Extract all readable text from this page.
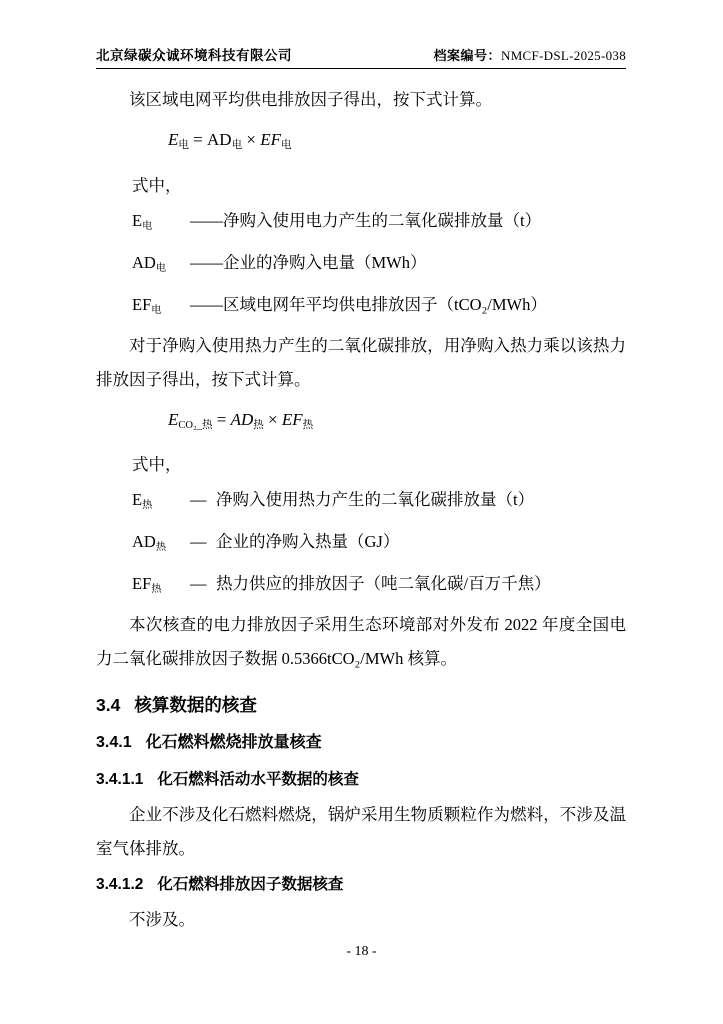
北京绿碳众诚环境科技有限公司	档案编号：NMCF-DSL-2025-038

该区域电网平均供电排放因子得出，按下式计算。

$E_电 = AD_电 \times EF_电$
式中，
E电 ——净购入使用电力产生的二氧化碳排放量（t）
AD电 ——企业的净购入电量（MWh）
EF电 ——区域电网年平均供电排放因子（tCO₂/MWh）

对于净购入使用热力产生的二氧化碳排放，用净购入热力乘以该热力排放因子得出，按下式计算。

$E_{CO_2\_热} = AD_热 \times EF_热$
式中，
E热 — 净购入使用热力产生的二氧化碳排放量（t）
AD热 — 企业的净购入热量（GJ）
EF热 — 热力供应的排放因子（吨二氧化碳/百万千焦）

本次核查的电力排放因子采用生态环境部对外发布 2022 年度全国电力二氧化碳排放因子数据 0.5366tCO₂/MWh 核算。

3.4 核算数据的核查
3.4.1 化石燃料燃烧排放量核查
3.4.1.1 化石燃料活动水平数据的核查

企业不涉及化石燃料燃烧，锅炉采用生物质颗粒作为燃料，不涉及温室气体排放。

3.4.1.2 化石燃料排放因子数据核查

不涉及。

- 18 -
